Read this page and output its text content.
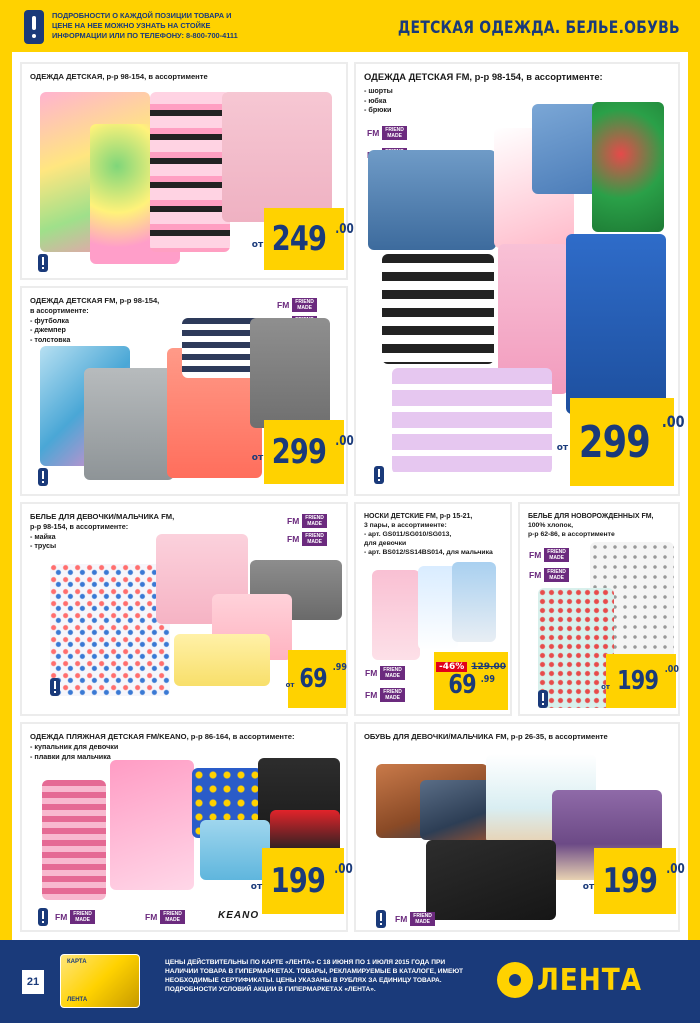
ПОДРОБНОСТИ О КАЖДОЙ ПОЗИЦИИ ТОВАРА И ЦЕНЕ НА НЕЕ МОЖНО УЗНАТЬ НА СТОЙКЕ ИНФОРМАЦИИ ИЛИ ПО ТЕЛЕФОНУ: 8-800-700-4111	ДЕТСКАЯ ОДЕЖДА. БЕЛЬЕ.ОБУВЬ
ОДЕЖДА ДЕТСКАЯ, р-р 98-154, в ассортименте
от 249 .00
ОДЕЖДА ДЕТСКАЯ FM, р-р 98-154,
в ассортименте:
- футболка
- джемпер
- толстовка
FM	FRIEND
MADE

от 299 .00
ОДЕЖДА ДЕТСКАЯ FM, р-р 98-154, в ассортименте:
- шорты
- юбка
- брюки
FM	FRIEND
MADE

от 299 .00
БЕЛЬЕ ДЛЯ ДЕВОЧКИ/МАЛЬЧИКА FM,
р-р 98-154, в ассортименте:
- майка
- трусы
FM	FRIEND
MADE
FM	FRIEND
MADE
от 69 .99
НОСКИ ДЕТСКИЕ FM, р-р 15-21,
3 пары, в ассортименте:
- арт. GS011/SG010/SG013,
для девочки
- арт. BS012/SS14BS014, для мальчика
FM	FRIEND
MADE
FM	FRIEND
MADE
-46% 129.00
69 .99
БЕЛЬЕ ДЛЯ НОВОРОЖДЕННЫХ FM,
100% хлопок,
р-р 62-86, в ассортименте
FM	FRIEND
MADE
FM	FRIEND
MADE
от 199 .00
ОДЕЖДА ПЛЯЖНАЯ ДЕТСКАЯ FM/KEANO, р-р 86-164, в ассортименте:
- купальник для девочки
- плавки для мальчика
FM	FRIEND
MADE	FM	FRIEND
MADE	KEANO
от 199 .00
ОБУВЬ ДЛЯ ДЕВОЧКИ/МАЛЬЧИКА FM, р-р 26-35, в ассортименте
FM	FRIEND
MADE
от 199 .00
21
КАРТА
ЛЕНТА
ЦЕНЫ ДЕЙСТВИТЕЛЬНЫ ПО КАРТЕ «ЛЕНТА» С 18 ИЮНЯ ПО 1 ИЮЛЯ 2015 ГОДА ПРИ НАЛИЧИИ ТОВАРА В ГИПЕРМАРКЕТАХ. ТОВАРЫ, РЕКЛАМИРУЕМЫЕ В КАТАЛОГЕ, ИМЕЮТ НЕОБХОДИМЫЕ СЕРТИФИКАТЫ. ЦЕНЫ УКАЗАНЫ В РУБЛЯХ ЗА ЕДИНИЦУ ТОВАРА. ПОДРОБНОСТИ УСЛОВИЙ АКЦИИ В ГИПЕРМАРКЕТАХ «ЛЕНТА».	ЛЕНТА
